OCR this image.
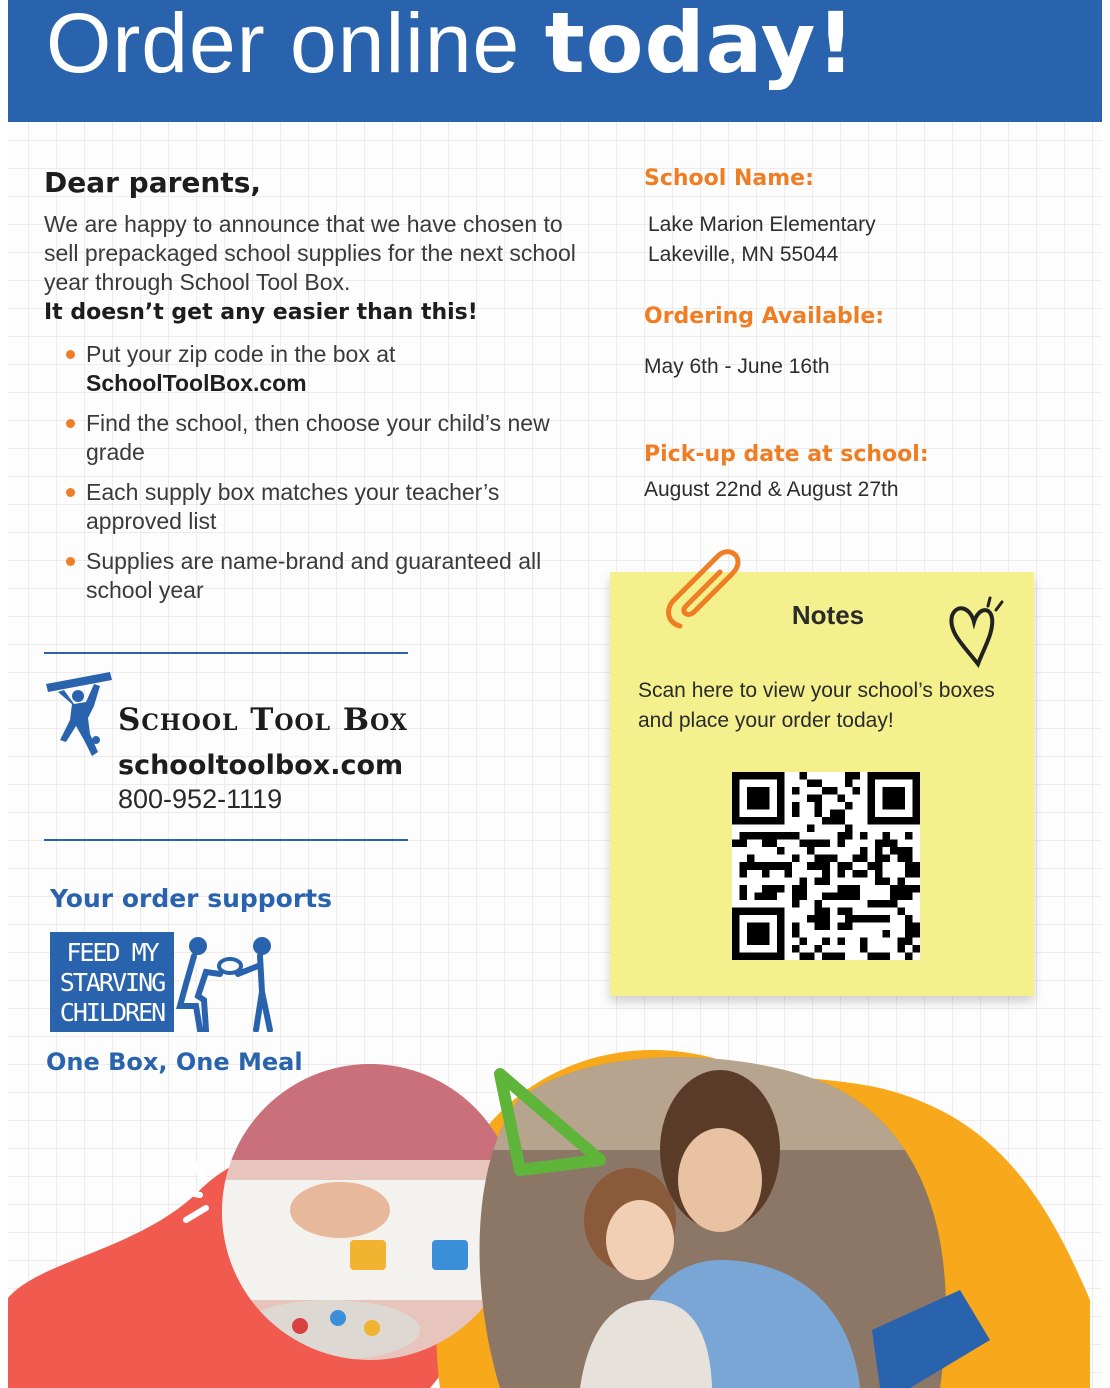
Order online today!
Dear parents,
We are happy to announce that we have chosen to sell prepackaged school supplies for the next school year through School Tool Box.
It doesn’t get any easier than this!
Put your zip code in the box at
SchoolToolBox.com
Find the school, then choose your child’s new grade
Each supply box matches your teacher’s approved list
Supplies are name-brand and guaranteed all school year
School Tool Box
schooltoolbox.com
800-952-1119
Your order supports
FEED MY
STARVING
CHILDREN
One Box, One Meal
School Name:
Lake Marion Elementary
Lakeville, MN 55044
Ordering Available:
May 6th - June 16th
Pick-up date at school:
August 22nd & August 27th
Notes
Scan here to view your school’s boxes and place your order today!
